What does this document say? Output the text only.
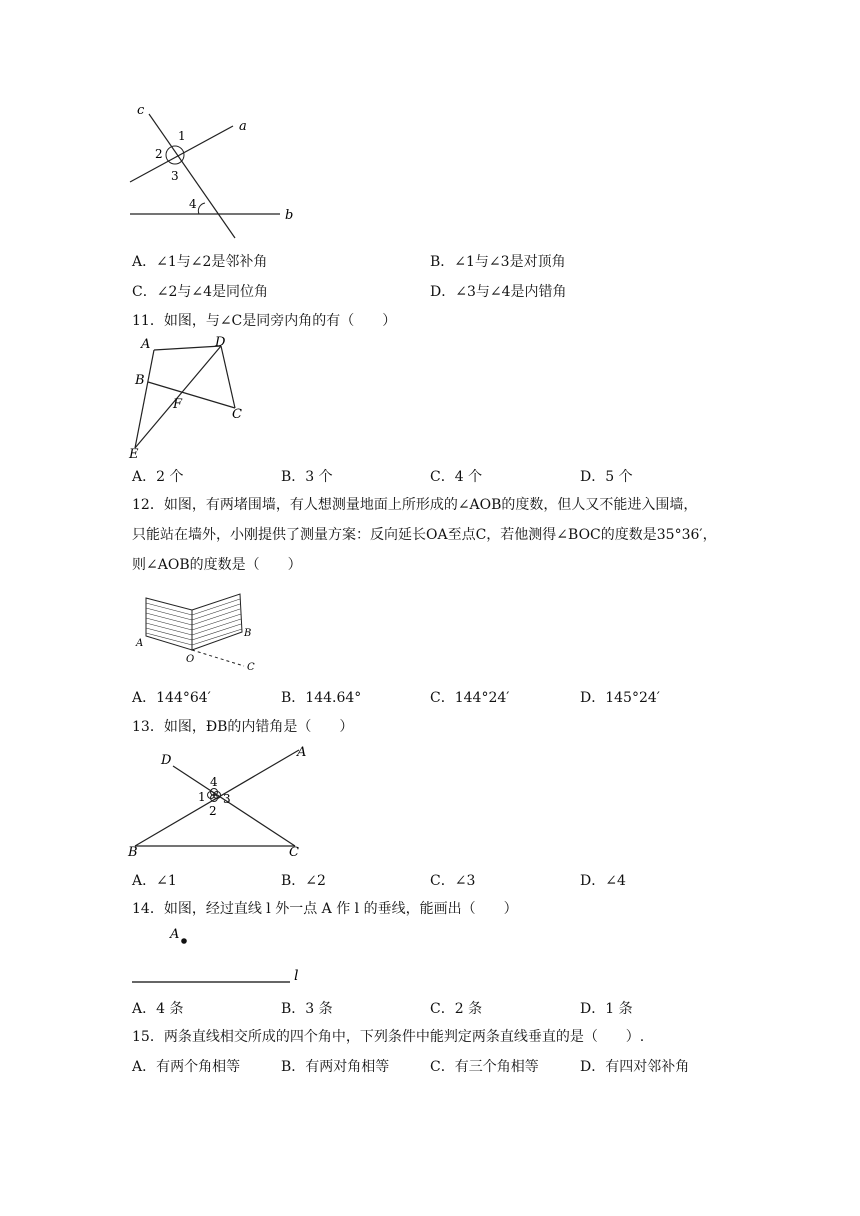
c
1
a
2
3
4
b
A．∠1与∠2是邻补角	B．∠1与∠3是对顶角
C．∠2与∠4是同位角	D．∠3与∠4是内错角
11．如图，与∠C是同旁内角的有（　　）
A	D
B
F
C
E
A．2 个	B．3 个	C．4 个	D．5 个
12．如图，有两堵围墙，有人想测量地面上所形成的∠AOB的度数，但人又不能进入围墙，
只能站在墙外，小刚提供了测量方案：反向延长OA至点C，若他测得∠BOC的度数是35°36′，
则∠AOB的度数是（　　）
A
B
O
C
A．144°64′	B．144.64°	C．144°24′	D．145°24′
13．如图，ÐB的内错角是（　　）
D
A
4
1 3
2
B	C
A．∠1	B．∠2	C．∠3	D．∠4
14．如图，经过直线 l 外一点 A 作 l 的垂线，能画出（　　）
A
l
A．4 条	B．3 条	C．2 条	D．1 条
15．两条直线相交所成的四个角中，下列条件中能判定两条直线垂直的是（　　）.
A．有两个角相等	B．有两对角相等	C．有三个角相等	D．有四对邻补角
